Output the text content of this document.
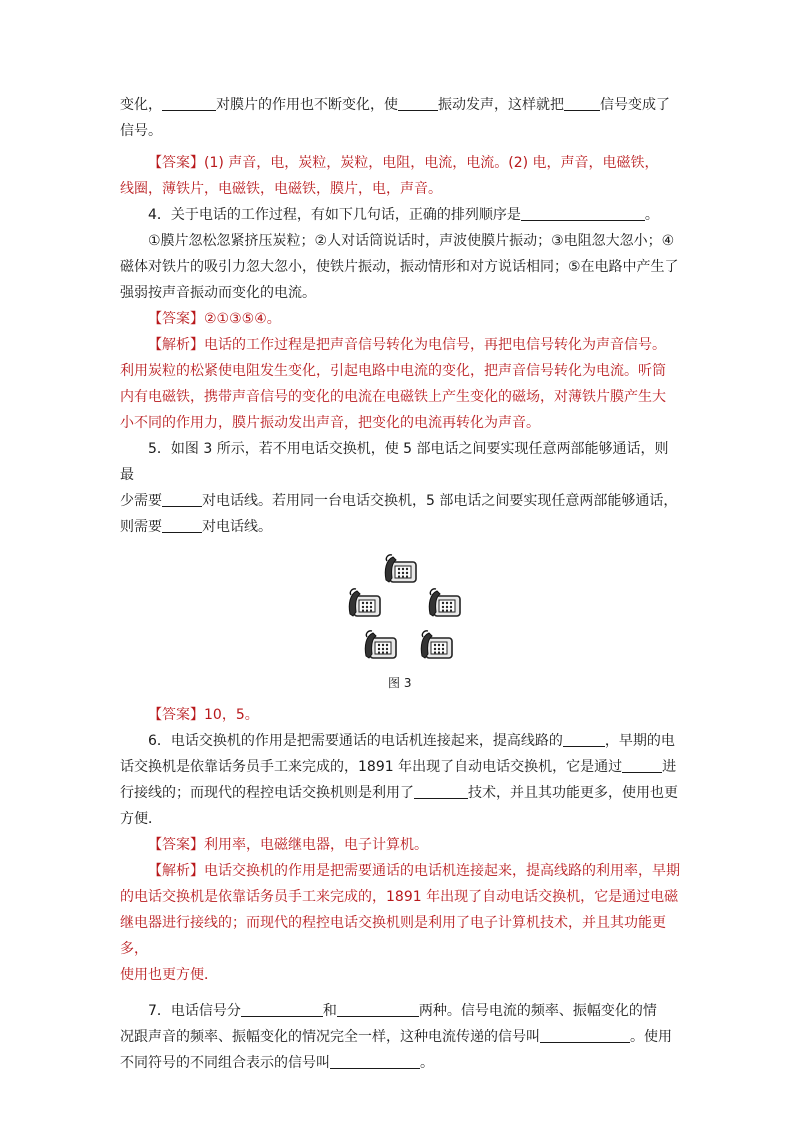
变化，	对膜片的作用也不断变化，使	振动发声，这样就把	信号变成了

信号。

【答案】(1) 声音，电，炭粒，炭粒，电阻，电流，电流。(2) 电，声音，电磁铁，

线圈，薄铁片，电磁铁，电磁铁，膜片，电，声音。

4．关于电话的工作过程，有如下几句话，正确的排列顺序是	。

①膜片忽松忽紧挤压炭粒；②人对话筒说话时，声波使膜片振动；③电阻忽大忽小；④

磁体对铁片的吸引力忽大忽小，使铁片振动，振动情形和对方说话相同；⑤在电路中产生了

强弱按声音振动而变化的电流。

【答案】②①③⑤④。

【解析】电话的工作过程是把声音信号转化为电信号，再把电信号转化为声音信号。

利用炭粒的松紧使电阻发生变化，引起电路中电流的变化，把声音信号转化为电流。听筒

内有电磁铁，携带声音信号的变化的电流在电磁铁上产生变化的磁场，对薄铁片膜产生大

小不同的作用力，膜片振动发出声音，把变化的电流再转化为声音。

5．如图 3 所示，若不用电话交换机，使 5 部电话之间要实现任意两部能够通话，则最

少需要	对电话线。若用同一台电话交换机，5 部电话之间要实现任意两部能够通话，

则需要	对电话线。

图 3

【答案】10，5。

6．电话交换机的作用是把需要通话的电话机连接起来，提高线路的	，早期的电

话交换机是依靠话务员手工来完成的，1891 年出现了自动电话交换机，它是通过	进

行接线的；而现代的程控电话交换机则是利用了	技术，并且其功能更多，使用也更

方便．

【答案】利用率，电磁继电器，电子计算机。

【解析】电话交换机的作用是把需要通话的电话机连接起来，提高线路的利用率，早期

的电话交换机是依靠话务员手工来完成的，1891 年出现了自动电话交换机，它是通过电磁

继电器进行接线的；而现代的程控电话交换机则是利用了电子计算机技术，并且其功能更多，

使用也更方便．

7．电话信号分	和	两种。信号电流的频率、振幅变化的情

况跟声音的频率、振幅变化的情况完全一样，这种电流传递的信号叫	。使用

不同符号的不同组合表示的信号叫	。
